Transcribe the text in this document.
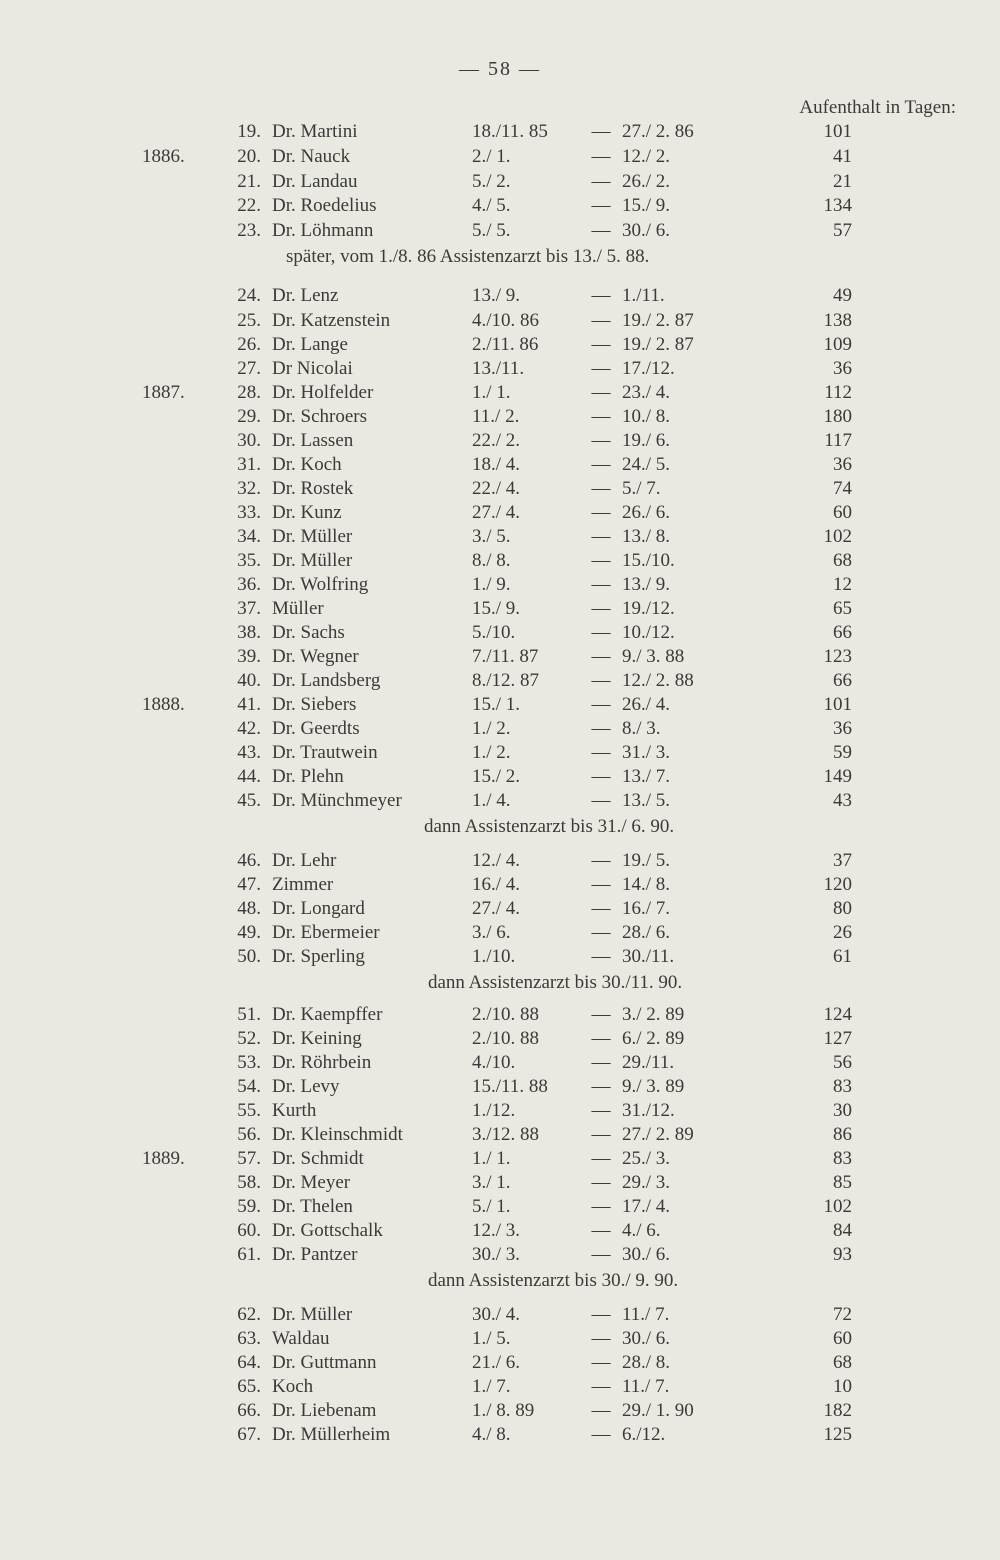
— 58 —
Aufenthalt in Tagen:
19. Dr. Martini	18./11. 85 — 27./ 2. 86	101
1886.	20. Dr. Nauck	2./ 1.	— 12./ 2.	41
21. Dr. Landau	5./ 2.	— 26./ 2.	21
22. Dr. Roedelius	4./ 5.	— 15./ 9.	134
23. Dr. Löhmann	5./ 5.	— 30./ 6.	57
später, vom 1./8. 86 Assistenzarzt bis 13./ 5. 88.
24. Dr. Lenz	13./ 9.	— 1./11.	49
25. Dr. Katzenstein	4./10. 86	— 19./ 2. 87	138
26. Dr. Lange	2./11. 86	— 19./ 2. 87	109
27. Dr Nicolai	13./11.	— 17./12.	36
1887.	28. Dr. Holfelder	1./ 1.	— 23./ 4.	112
29. Dr. Schroers	11./ 2.	— 10./ 8.	180
30. Dr. Lassen	22./ 2.	— 19./ 6.	117
31. Dr. Koch	18./ 4.	— 24./ 5.	36
32. Dr. Rostek	22./ 4.	— 5./ 7.	74
33. Dr. Kunz	27./ 4.	— 26./ 6.	60
34. Dr. Müller	3./ 5.	— 13./ 8.	102
35. Dr. Müller	8./ 8.	— 15./10.	68
36. Dr. Wolfring	1./ 9.	— 13./ 9.	12
37. Müller	15./ 9.	— 19./12.	65
38. Dr. Sachs	5./10.	— 10./12.	66
39. Dr. Wegner	7./11. 87	— 9./ 3. 88	123
40. Dr. Landsberg	8./12. 87	— 12./ 2. 88	66
1888.	41. Dr. Siebers	15./ 1.	— 26./ 4.	101
42. Dr. Geerdts	1./ 2.	— 8./ 3.	36
43. Dr. Trautwein	1./ 2.	— 31./ 3.	59
44. Dr. Plehn	15./ 2.	— 13./ 7.	149
45. Dr. Münchmeyer	1./ 4.	— 13./ 5.	43
dann Assistenzarzt bis 31./ 6. 90.
46. Dr. Lehr	12./ 4.	— 19./ 5.	37
47. Zimmer	16./ 4.	— 14./ 8.	120
48. Dr. Longard	27./ 4.	— 16./ 7.	80
49. Dr. Ebermeier	3./ 6.	— 28./ 6.	26
50. Dr. Sperling	1./10.	— 30./11.	61
dann Assistenzarzt bis 30./11. 90.
51. Dr. Kaempffer	2./10. 88	— 3./ 2. 89	124
52. Dr. Keining	2./10. 88	— 6./ 2. 89	127
53. Dr. Röhrbein	4./10.	— 29./11.	56
54. Dr. Levy	15./11. 88 — 9./ 3. 89	83
55. Kurth	1./12.	— 31./12.	30
56. Dr. Kleinschmidt	3./12. 88	— 27./ 2. 89	86
1889.	57. Dr. Schmidt	1./ 1.	— 25./ 3.	83
58. Dr. Meyer	3./ 1.	— 29./ 3.	85
59. Dr. Thelen	5./ 1.	— 17./ 4.	102
60. Dr. Gottschalk	12./ 3.	— 4./ 6.	84
61. Dr. Pantzer	30./ 3.	— 30./ 6.	93
dann Assistenzarzt bis 30./ 9. 90.
62. Dr. Müller	30./ 4.	— 11./ 7.	72
63. Waldau	1./ 5.	— 30./ 6.	60
64. Dr. Guttmann	21./ 6.	— 28./ 8.	68
65. Koch	1./ 7.	— 11./ 7.	10
66. Dr. Liebenam	1./ 8. 89	— 29./ 1. 90	182
67. Dr. Müllerheim	4./ 8.	— 6./12.	125
